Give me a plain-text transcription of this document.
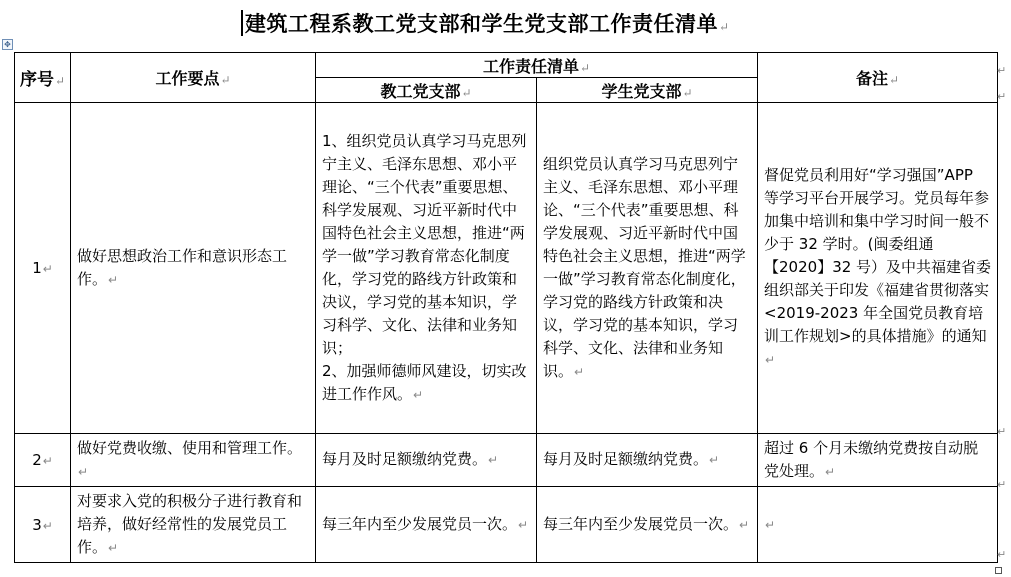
建筑工程系教工党支部和学生党支部工作责任清单↵
✥
序号↵	工作要点↵	工作责任清单↵		备注↵
		教工党支部↵	学生党支部↵	
1↵	做好思想政治工作和意识形态工作。↵	1、组织党员认真学习马克思列宁主义、毛泽东思想、邓小平理论、“三个代表”重要思想、科学发展观、习近平新时代中国特色社会主义思想，推进“两学一做”学习教育常态化制度化，学习党的路线方针政策和决议，学习党的基本知识，学习科学、文化、法律和业务知识；
2、加强师德师风建设，切实改进工作作风。↵	组织党员认真学习马克思列宁主义、毛泽东思想、邓小平理论、“三个代表”重要思想、科学发展观、习近平新时代中国特色社会主义思想，推进“两学一做”学习教育常态化制度化，学习党的路线方针政策和决议，学习党的基本知识，学习科学、文化、法律和业务知识。↵	督促党员利用好“学习强国”APP 等学习平台开展学习。党员每年参加集中培训和集中学习时间一般不少于 32 学时。(闽委组通【2020】32 号）及中共福建省委组织部关于印发《福建省贯彻落实<2019-2023 年全国党员教育培训工作规划>的具体措施》的通知↵
2↵	做好党费收缴、使用和管理工作。↵	每月及时足额缴纳党费。↵	每月及时足额缴纳党费。↵	超过 6 个月未缴纳党费按自动脱党处理。↵
3↵	对要求入党的积极分子进行教育和培养，做好经常性的发展党员工作。↵	每三年内至少发展党员一次。↵	每三年内至少发展党员一次。↵	↵
↵
↵
↵
↵
↵
